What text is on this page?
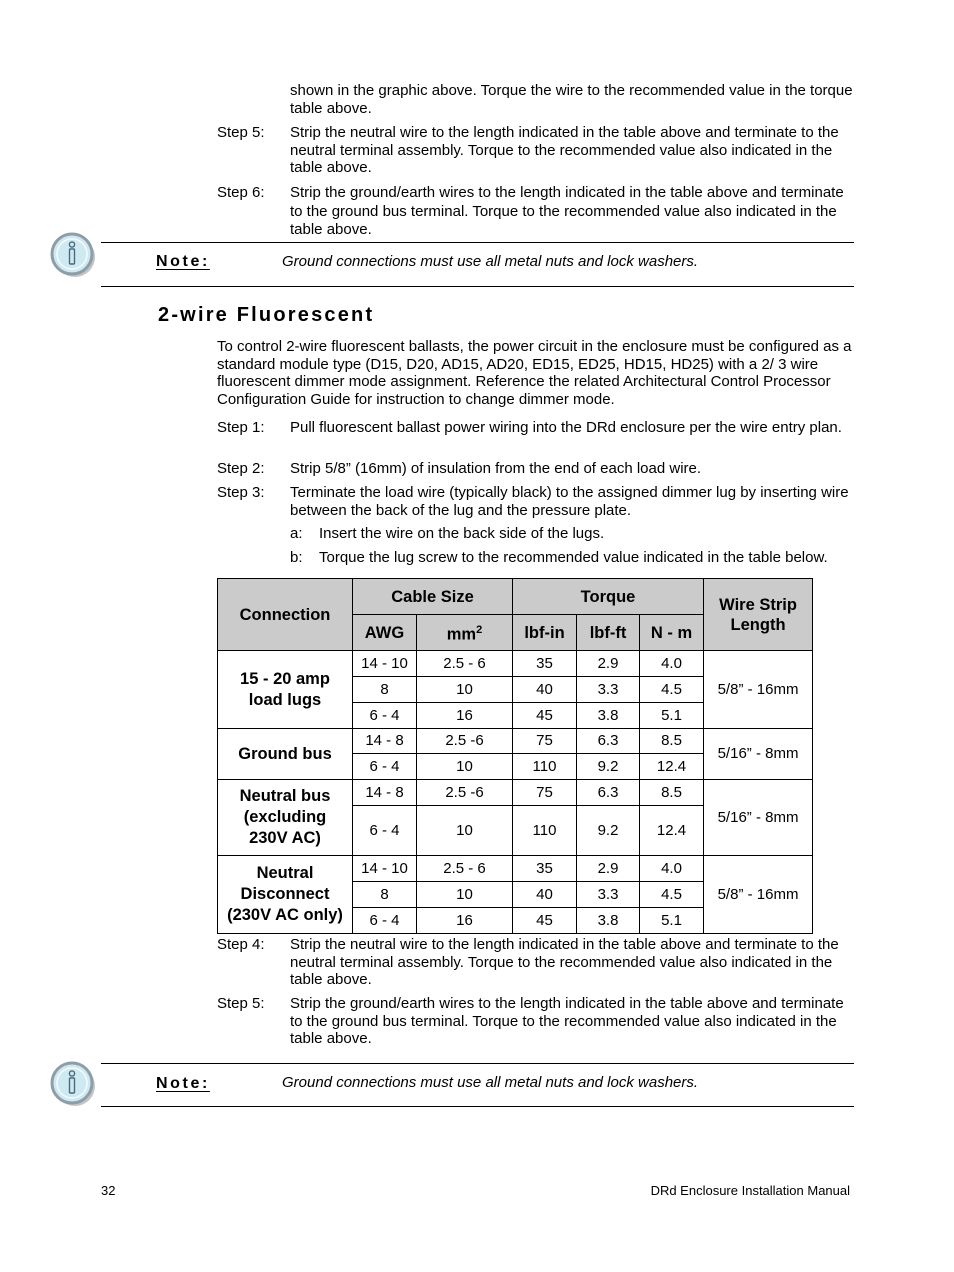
shown in the graphic above. Torque the wire to the recommended value in the torque table above.
Step 5:	Strip the neutral wire to the length indicated in the table above and terminate to the neutral terminal assembly. Torque to the recommended value also indicated in the table above.
Step 6:	Strip the ground/earth wires to the length indicated in the table above and terminate to the ground bus terminal. Torque to the recommended value also indicated in the table above.
Note:	Ground connections must use all metal nuts and lock washers.
2-wire Fluorescent
To control 2-wire fluorescent ballasts, the power circuit in the enclosure must be configured as a standard module type (D15, D20, AD15, AD20, ED15, ED25, HD15, HD25) with a 2/ 3 wire fluorescent dimmer mode assignment. Reference the related Architectural Control Processor Configuration Guide for instruction to change dimmer mode.
Step 1:	Pull fluorescent ballast power wiring into the DRd enclosure per the wire entry plan.
Step 2:	Strip 5/8” (16mm) of insulation from the end of each load wire.
Step 3:	Terminate the load wire (typically black) to the assigned dimmer lug by inserting wire between the back of the lug and the pressure plate.
a: Insert the wire on the back side of the lugs.
b: Torque the lug screw to the recommended value indicated in the table below.
Connection	Cable Size		Torque			Wire Strip Length
	AWG	$mm^2$	lbf-in	lbf-ft	N - m	
15 - 20 amp load lugs	14 - 10	2.5 - 6	35	2.9	4.0	5/8” - 16mm
	8	10	40	3.3	4.5	
	6 - 4	16	45	3.8	5.1	
Ground bus	14 - 8	2.5 -6	75	6.3	8.5	5/16” - 8mm
	6 - 4	10	110	9.2	12.4	
Neutral bus (excluding 230V AC)	14 - 8	2.5 -6	75	6.3	8.5	5/16” - 8mm
	6 - 4	10	110	9.2	12.4	
Neutral Disconnect (230V AC only)	14 - 10	2.5 - 6	35	2.9	4.0	5/8” - 16mm
	8	10	40	3.3	4.5	
	6 - 4	16	45	3.8	5.1	
Step 4:	Strip the neutral wire to the length indicated in the table above and terminate to the neutral terminal assembly. Torque to the recommended value also indicated in the table above.
Step 5:	Strip the ground/earth wires to the length indicated in the table above and terminate to the ground bus terminal. Torque to the recommended value also indicated in the table above.
Note:	Ground connections must use all metal nuts and lock washers.
32	DRd Enclosure Installation Manual
